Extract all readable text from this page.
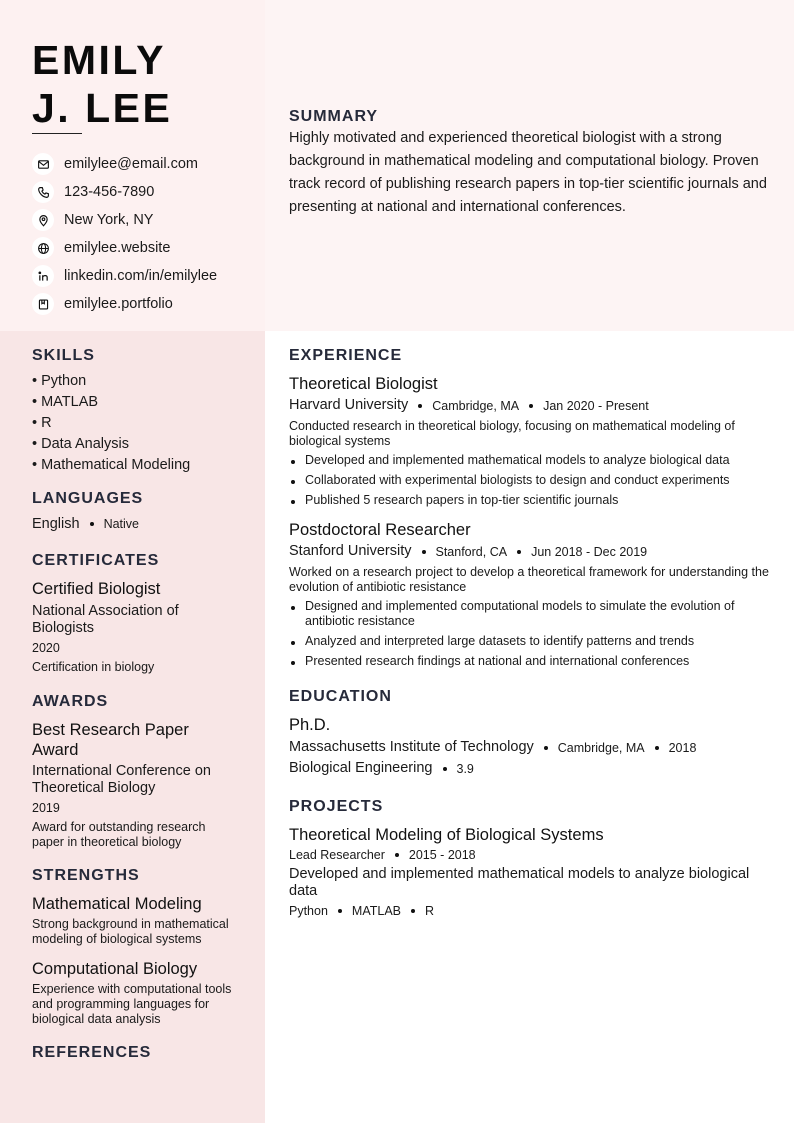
EMILY
J. LEE
emilylee@email.com
123-456-7890
New York, NY
emilylee.website
linkedin.com/in/emilylee
emilylee.portfolio
SUMMARY

Highly motivated and experienced theoretical biologist with a strong background in mathematical modeling and computational biology. Proven track record of publishing research papers in top-tier scientific journals and presenting at national and international conferences.

SKILLS
• Python
• MATLAB
• R
• Data Analysis
• Mathematical Modeling
LANGUAGES
English Native
CERTIFICATES
Certified Biologist
National Association of Biologists
2020
Certification in biology
AWARDS
Best Research Paper Award
International Conference on Theoretical Biology
2019
Award for outstanding research paper in theoretical biology
STRENGTHS
Mathematical Modeling
Strong background in mathematical modeling of biological systems
Computational Biology
Experience with computational tools and programming languages for biological data analysis
REFERENCES
EXPERIENCE
Theoretical Biologist
Harvard University Cambridge, MA Jan 2020 - Present
Conducted research in theoretical biology, focusing on mathematical modeling of biological systems
Developed and implemented mathematical models to analyze biological data
Collaborated with experimental biologists to design and conduct experiments
Published 5 research papers in top-tier scientific journals
Postdoctoral Researcher
Stanford University Stanford, CA Jun 2018 - Dec 2019
Worked on a research project to develop a theoretical framework for understanding the evolution of antibiotic resistance
Designed and implemented computational models to simulate the evolution of antibiotic resistance
Analyzed and interpreted large datasets to identify patterns and trends
Presented research findings at national and international conferences
EDUCATION
Ph.D.
Massachusetts Institute of Technology Cambridge, MA 2018
Biological Engineering 3.9
PROJECTS
Theoretical Modeling of Biological Systems
Lead Researcher 2015 - 2018
Developed and implemented mathematical models to analyze biological data
Python MATLAB R
